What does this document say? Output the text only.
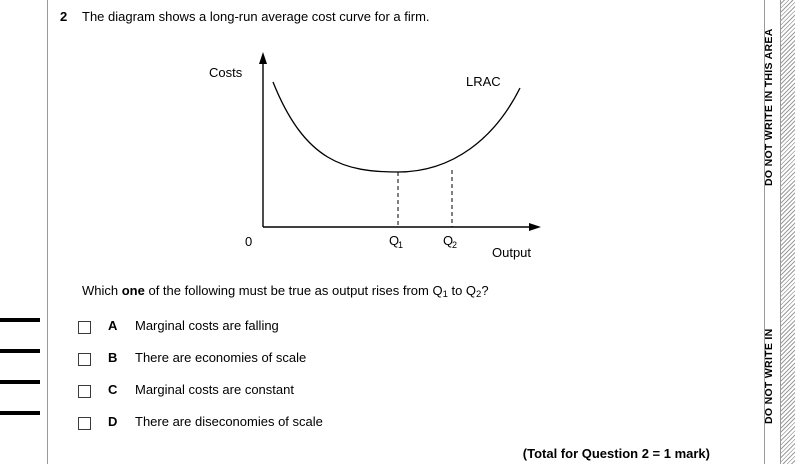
2 The diagram shows a long-run average cost curve for a firm.
Costs
LRAC
0
Output
Q
1	Q
2
Which one of the following must be true as output rises from Q1 to Q2?
A Marginal costs are falling
B There are economies of scale
C Marginal costs are constant
D There are diseconomies of scale
(Total for Question 2 = 1 mark)
DO NOT WRITE IN THIS AREA
DO NOT WRITE IN
